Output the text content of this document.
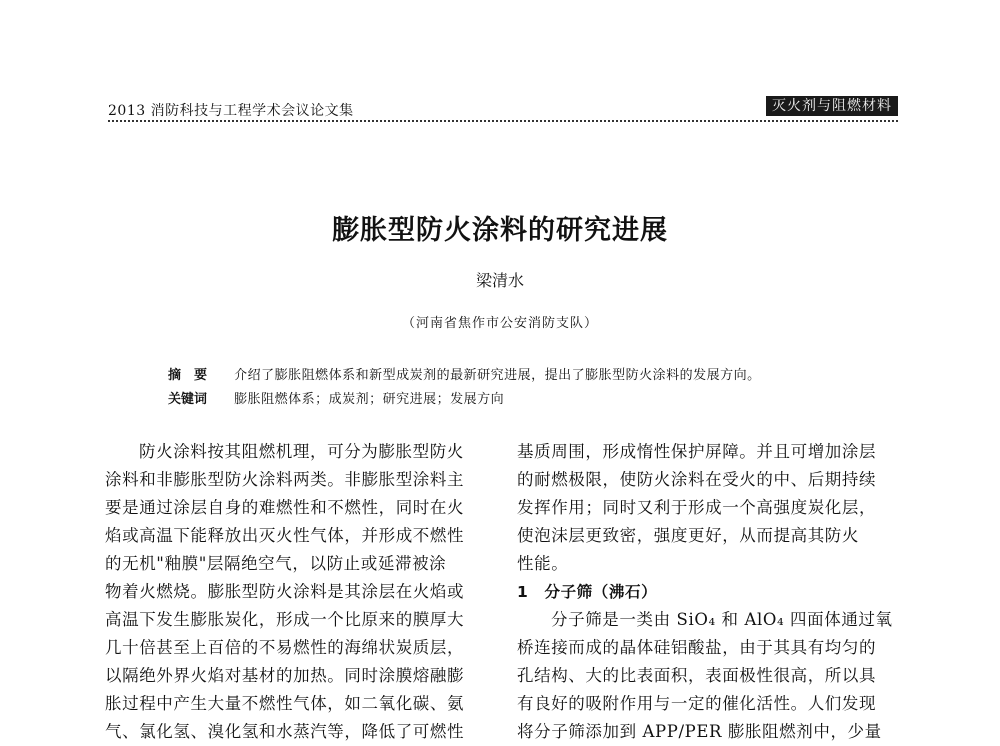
2013 消防科技与工程学术会议论文集	灭火剂与阻燃材料
膨胀型防火涂料的研究进展
梁清水
（河南省焦作市公安消防支队）
摘　要 介绍了膨胀阻燃体系和新型成炭剂的最新研究进展，提出了膨胀型防火涂料的发展方向。
关键词 膨胀阻燃体系；成炭剂；研究进展；发展方向
防火涂料按其阻燃机理，可分为膨胀型防火
涂料和非膨胀型防火涂料两类。非膨胀型涂料主
要是通过涂层自身的难燃性和不燃性，同时在火
焰或高温下能释放出灭火性气体，并形成不燃性
的无机"釉膜"层隔绝空气，以防止或延滞被涂
物着火燃烧。膨胀型防火涂料是其涂层在火焰或
高温下发生膨胀炭化，形成一个比原来的膜厚大
几十倍甚至上百倍的不易燃性的海绵状炭质层，
以隔绝外界火焰对基材的加热。同时涂膜熔融膨
胀过程中产生大量不燃性气体，如二氧化碳、氨
气、氯化氢、溴化氢和水蒸汽等，降低了可燃性
基质周围，形成惰性保护屏障。并且可增加涂层
的耐燃极限，使防火涂料在受火的中、后期持续
发挥作用；同时又利于形成一个高强度炭化层，
使泡沫层更致密，强度更好，从而提高其防火
性能。
1　分子筛（沸石）
分子筛是一类由 SiO₄ 和 AlO₄ 四面体通过氧
桥连接而成的晶体硅铝酸盐，由于其具有均匀的
孔结构、大的比表面积，表面极性很高，所以具
有良好的吸附作用与一定的催化活性。人们发现
将分子筛添加到 APP/PER 膨胀阻燃剂中，少量
